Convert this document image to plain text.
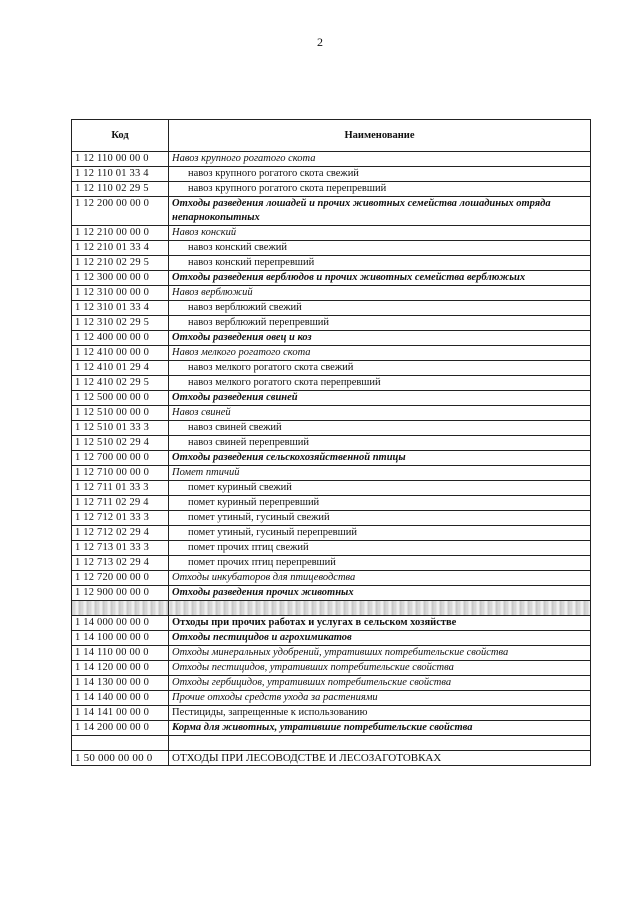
2
Код	Наименование
1 12 110 00 00 0	Навоз крупного рогатого скота
1 12 110 01 33 4	навоз крупного рогатого скота свежий
1 12 110 02 29 5	навоз крупного рогатого скота перепревший
1 12 200 00 00 0	Отходы разведения лошадей и прочих животных семейства лошадиных отряда непарнокопытных
1 12 210 00 00 0	Навоз конский
1 12 210 01 33 4	навоз конский свежий
1 12 210 02 29 5	навоз конский перепревший
1 12 300 00 00 0	Отходы разведения верблюдов и прочих животных семейства верблюжьих
1 12 310 00 00 0	Навоз верблюжий
1 12 310 01 33 4	навоз верблюжий свежий
1 12 310 02 29 5	навоз верблюжий перепревший
1 12 400 00 00 0	Отходы разведения овец и коз
1 12 410 00 00 0	Навоз мелкого рогатого скота
1 12 410 01 29 4	навоз мелкого рогатого скота свежий
1 12 410 02 29 5	навоз мелкого рогатого скота перепревший
1 12 500 00 00 0	Отходы разведения свиней
1 12 510 00 00 0	Навоз свиней
1 12 510 01 33 3	навоз свиней свежий
1 12 510 02 29 4	навоз свиней перепревший
1 12 700 00 00 0	Отходы разведения сельскохозяйственной птицы
1 12 710 00 00 0	Помет птичий
1 12 711 01 33 3	помет куриный свежий
1 12 711 02 29 4	помет куриный перепревший
1 12 712 01 33 3	помет утиный, гусиный свежий
1 12 712 02 29 4	помет утиный, гусиный перепревший
1 12 713 01 33 3	помет прочих птиц свежий
1 12 713 02 29 4	помет прочих птиц перепревший
1 12 720 00 00 0	Отходы инкубаторов для птицеводства
1 12 900 00 00 0	Отходы разведения прочих животных

1 14 000 00 00 0	Отходы при прочих работах и услугах в сельском хозяйстве
1 14 100 00 00 0	Отходы пестицидов и агрохимикатов
1 14 110 00 00 0	Отходы минеральных удобрений, утративших потребительские свойства
1 14 120 00 00 0	Отходы пестицидов, утративших потребительские свойства
1 14 130 00 00 0	Отходы гербицидов, утративших потребительские свойства
1 14 140 00 00 0	Прочие отходы средств ухода за растениями
1 14 141 00 00 0	Пестициды, запрещенные к использованию
1 14 200 00 00 0	Корма для животных, утратившие потребительские свойства

1 50 000 00 00 0	ОТХОДЫ ПРИ ЛЕСОВОДСТВЕ И ЛЕСОЗАГОТОВКАХ
